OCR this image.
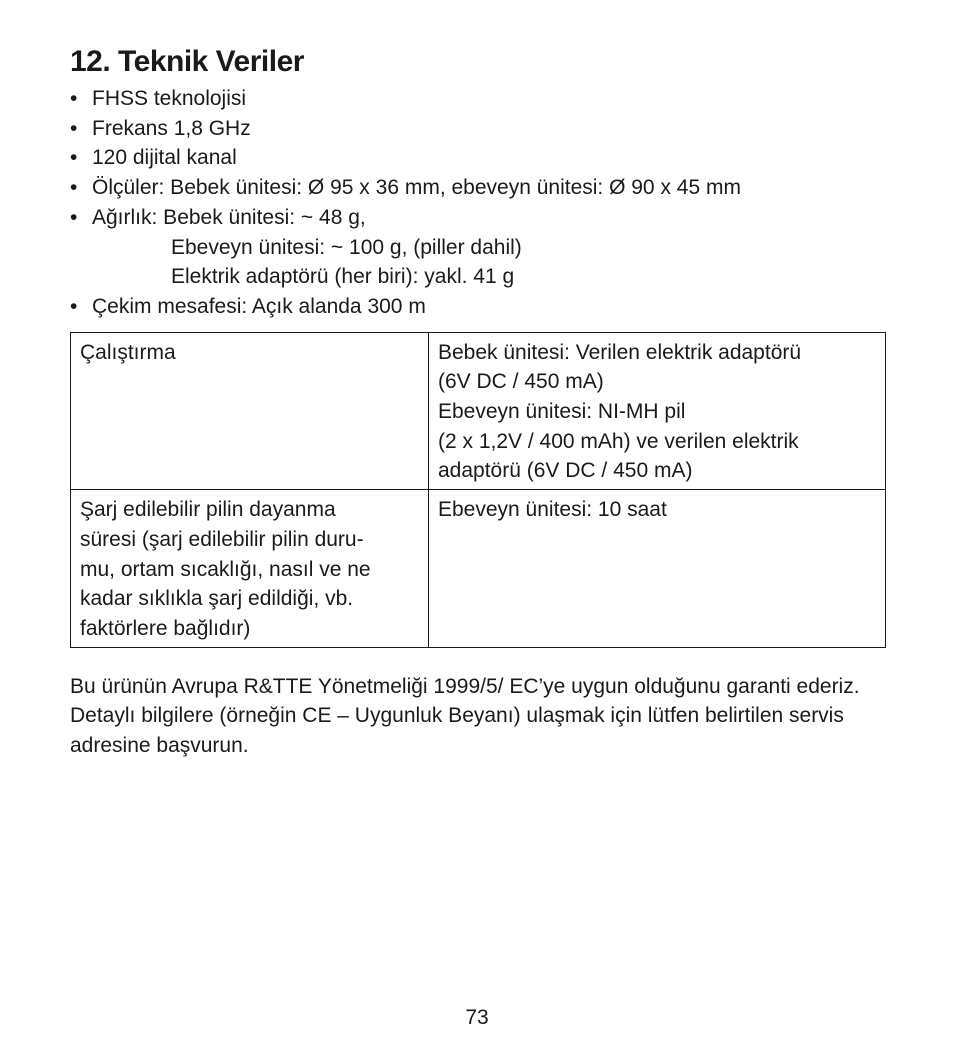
12. Teknik Veriler
• FHSS teknolojisi
• Frekans 1,8 GHz
• 120 dijital kanal
• Ölçüler: Bebek ünitesi: Ø 95 x 36 mm, ebeveyn ünitesi: Ø 90 x 45 mm
• Ağırlık: Bebek ünitesi: ~ 48 g,
Ebeveyn ünitesi: ~ 100 g, (piller dahil)
Elektrik adaptörü (her biri): yakl. 41 g
• Çekim mesafesi: Açık alanda 300 m
Çalıştırma	Bebek ünitesi: Verilen elektrik adaptörü
(6V DC / 450 mA)
Ebeveyn ünitesi: NI-MH pil
(2 x 1,2V / 400 mAh) ve verilen elektrik
adaptörü (6V DC / 450 mA)

Şarj edilebilir pilin dayanma
süresi (şarj edilebilir pilin duru-
mu, ortam sıcaklığı, nasıl ve ne
kadar sıklıkla şarj edildiği, vb.
faktörlere bağlıdır)	Ebeveyn ünitesi: 10 saat

Bu ürünün Avrupa R&TTE Yönetmeliği 1999/5/ EC’ye uygun olduğunu garanti ederiz. Detaylı bilgilere (örneğin CE – Uygunluk Beyanı) ulaşmak için lütfen belirtilen servis adresine başvurun.

73
